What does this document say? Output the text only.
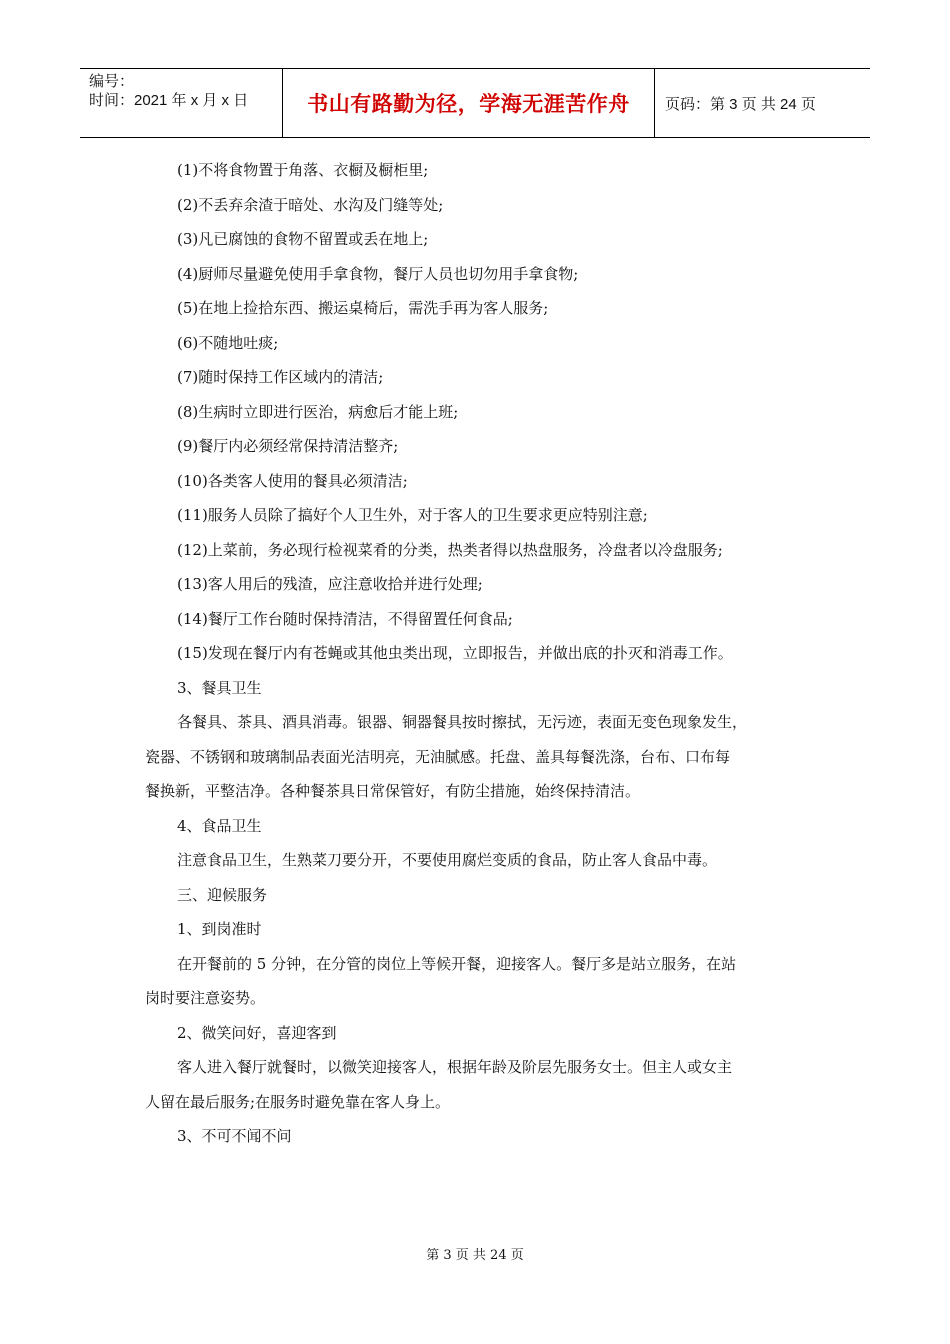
编号：
时间：2021 年 x 月 x 日	书山有路勤为径，学海无涯苦作舟 页码：第 3 页 共 24 页
(1)不将食物置于角落、衣橱及橱柜里;
(2)不丢弃余渣于暗处、水沟及门缝等处;
(3)凡已腐蚀的食物不留置或丢在地上;
(4)厨师尽量避免使用手拿食物，餐厅人员也切勿用手拿食物;
(5)在地上捡拾东西、搬运桌椅后，需洗手再为客人服务;
(6)不随地吐痰;
(7)随时保持工作区域内的清洁;
(8)生病时立即进行医治，病愈后才能上班;
(9)餐厅内必须经常保持清洁整齐;
(10)各类客人使用的餐具必须清洁;
(11)服务人员除了搞好个人卫生外，对于客人的卫生要求更应特别注意;
(12)上菜前，务必现行检视菜肴的分类，热类者得以热盘服务，冷盘者以冷盘服务;
(13)客人用后的残渣，应注意收拾并进行处理;
(14)餐厅工作台随时保持清洁，不得留置任何食品;
(15)发现在餐厅内有苍蝇或其他虫类出现，立即报告，并做出底的扑灭和消毒工作。
3、餐具卫生
各餐具、茶具、酒具消毒。银器、铜器餐具按时擦拭，无污迹，表面无变色现象发生，
瓷器、不锈钢和玻璃制品表面光洁明亮，无油腻感。托盘、盖具每餐洗涤，台布、口布每
餐换新，平整洁净。各种餐茶具日常保管好，有防尘措施，始终保持清洁。
4、食品卫生
注意食品卫生，生熟菜刀要分开，不要使用腐烂变质的食品，防止客人食品中毒。
三、迎候服务
1、到岗准时
在开餐前的 5 分钟，在分管的岗位上等候开餐，迎接客人。餐厅多是站立服务，在站
岗时要注意姿势。
2、微笑问好，喜迎客到
客人进入餐厅就餐时，以微笑迎接客人，根据年龄及阶层先服务女士。但主人或女主
人留在最后服务;在服务时避免靠在客人身上。
3、不可不闻不问
第 3 页 共 24 页
